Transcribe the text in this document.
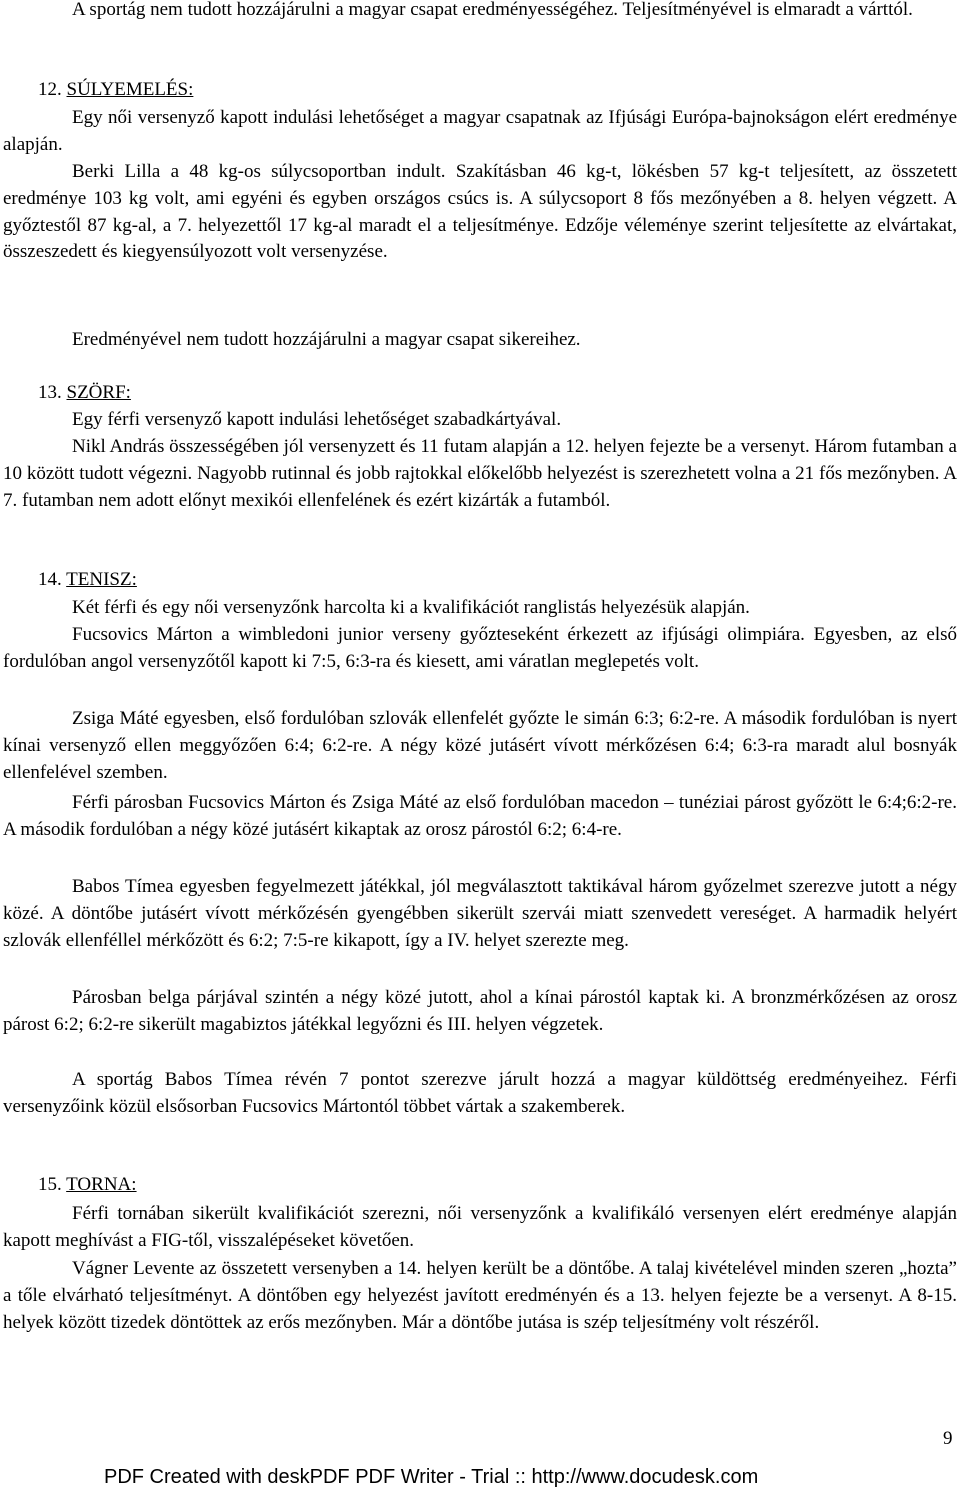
A sportág nem tudott hozzájárulni a magyar csapat eredményességéhez. Teljesítményével is elmaradt a várttól.

12. SÚLYEMELÉS:

Egy női versenyző kapott indulási lehetőséget a magyar csapatnak az Ifjúsági Európa-bajnokságon elért eredménye alapján.

Berki Lilla a 48 kg-os súlycsoportban indult. Szakításban 46 kg-t, lökésben 57 kg-t teljesített, az összetett eredménye 103 kg volt, ami egyéni és egyben országos csúcs is. A súlycsoport 8 fős mezőnyében a 8. helyen végzett. A győztestől 87 kg-al, a 7. helyezettől 17 kg-al maradt el a teljesítménye. Edzője véleménye szerint teljesítette az elvártakat, összeszedett és kiegyensúlyozott volt versenyzése.

Eredményével nem tudott hozzájárulni a magyar csapat sikereihez.

13. SZÖRF:

Egy férfi versenyző kapott indulási lehetőséget szabadkártyával.

Nikl András összességében jól versenyzett és 11 futam alapján a 12. helyen fejezte be a versenyt. Három futamban a 10 között tudott végezni. Nagyobb rutinnal és jobb rajtokkal előkelőbb helyezést is szerezhetett volna a 21 fős mezőnyben. A 7. futamban nem adott előnyt mexikói ellenfelének és ezért kizárták a futamból.

14. TENISZ:

Két férfi és egy női versenyzőnk harcolta ki a kvalifikációt ranglistás helyezésük alapján.

Fucsovics Márton a wimbledoni junior verseny győzteseként érkezett az ifjúsági olimpiára. Egyesben, az első fordulóban angol versenyzőtől kapott ki 7:5, 6:3-ra és kiesett, ami váratlan meglepetés volt.

Zsiga Máté egyesben, első fordulóban szlovák ellenfelét győzte le simán 6:3; 6:2-re. A második fordulóban is nyert kínai versenyző ellen meggyőzően 6:4; 6:2-re. A négy közé jutásért vívott mérkőzésen 6:4; 6:3-ra maradt alul bosnyák ellenfelével szemben.

Férfi párosban Fucsovics Márton és Zsiga Máté az első fordulóban macedon – tunéziai párost győzött le 6:4;6:2-re. A második fordulóban a négy közé jutásért kikaptak az orosz párostól 6:2; 6:4-re.

Babos Tímea egyesben fegyelmezett játékkal, jól megválasztott taktikával három győzelmet szerezve jutott a négy közé. A döntőbe jutásért vívott mérkőzésén gyengébben sikerült szervái miatt szenvedett vereséget. A harmadik helyért szlovák ellenféllel mérkőzött és 6:2; 7:5-re kikapott, így a IV. helyet szerezte meg.

Párosban belga párjával szintén a négy közé jutott, ahol a kínai párostól kaptak ki. A bronzmérkőzésen az orosz párost 6:2; 6:2-re sikerült magabiztos játékkal legyőzni és III. helyen végzetek.

A sportág Babos Tímea révén 7 pontot szerezve járult hozzá a magyar küldöttség eredményeihez. Férfi versenyzőink közül elsősorban Fucsovics Mártontól többet vártak a szakemberek.

15. TORNA:

Férfi tornában sikerült kvalifikációt szerezni, női versenyzőnk a kvalifikáló versenyen elért eredménye alapján kapott meghívást a FIG-től, visszalépéseket követően.

Vágner Levente az összetett versenyben a 14. helyen került be a döntőbe. A talaj kivételével minden szeren „hozta” a tőle elvárható teljesítményt. A döntőben egy helyezést javított eredményén és a 13. helyen fejezte be a versenyt. A 8-15. helyek között tizedek döntöttek az erős mezőnyben. Már a döntőbe jutása is szép teljesítmény volt részéről.

9
PDF Created with deskPDF PDF Writer - Trial :: http://www.docudesk.com
